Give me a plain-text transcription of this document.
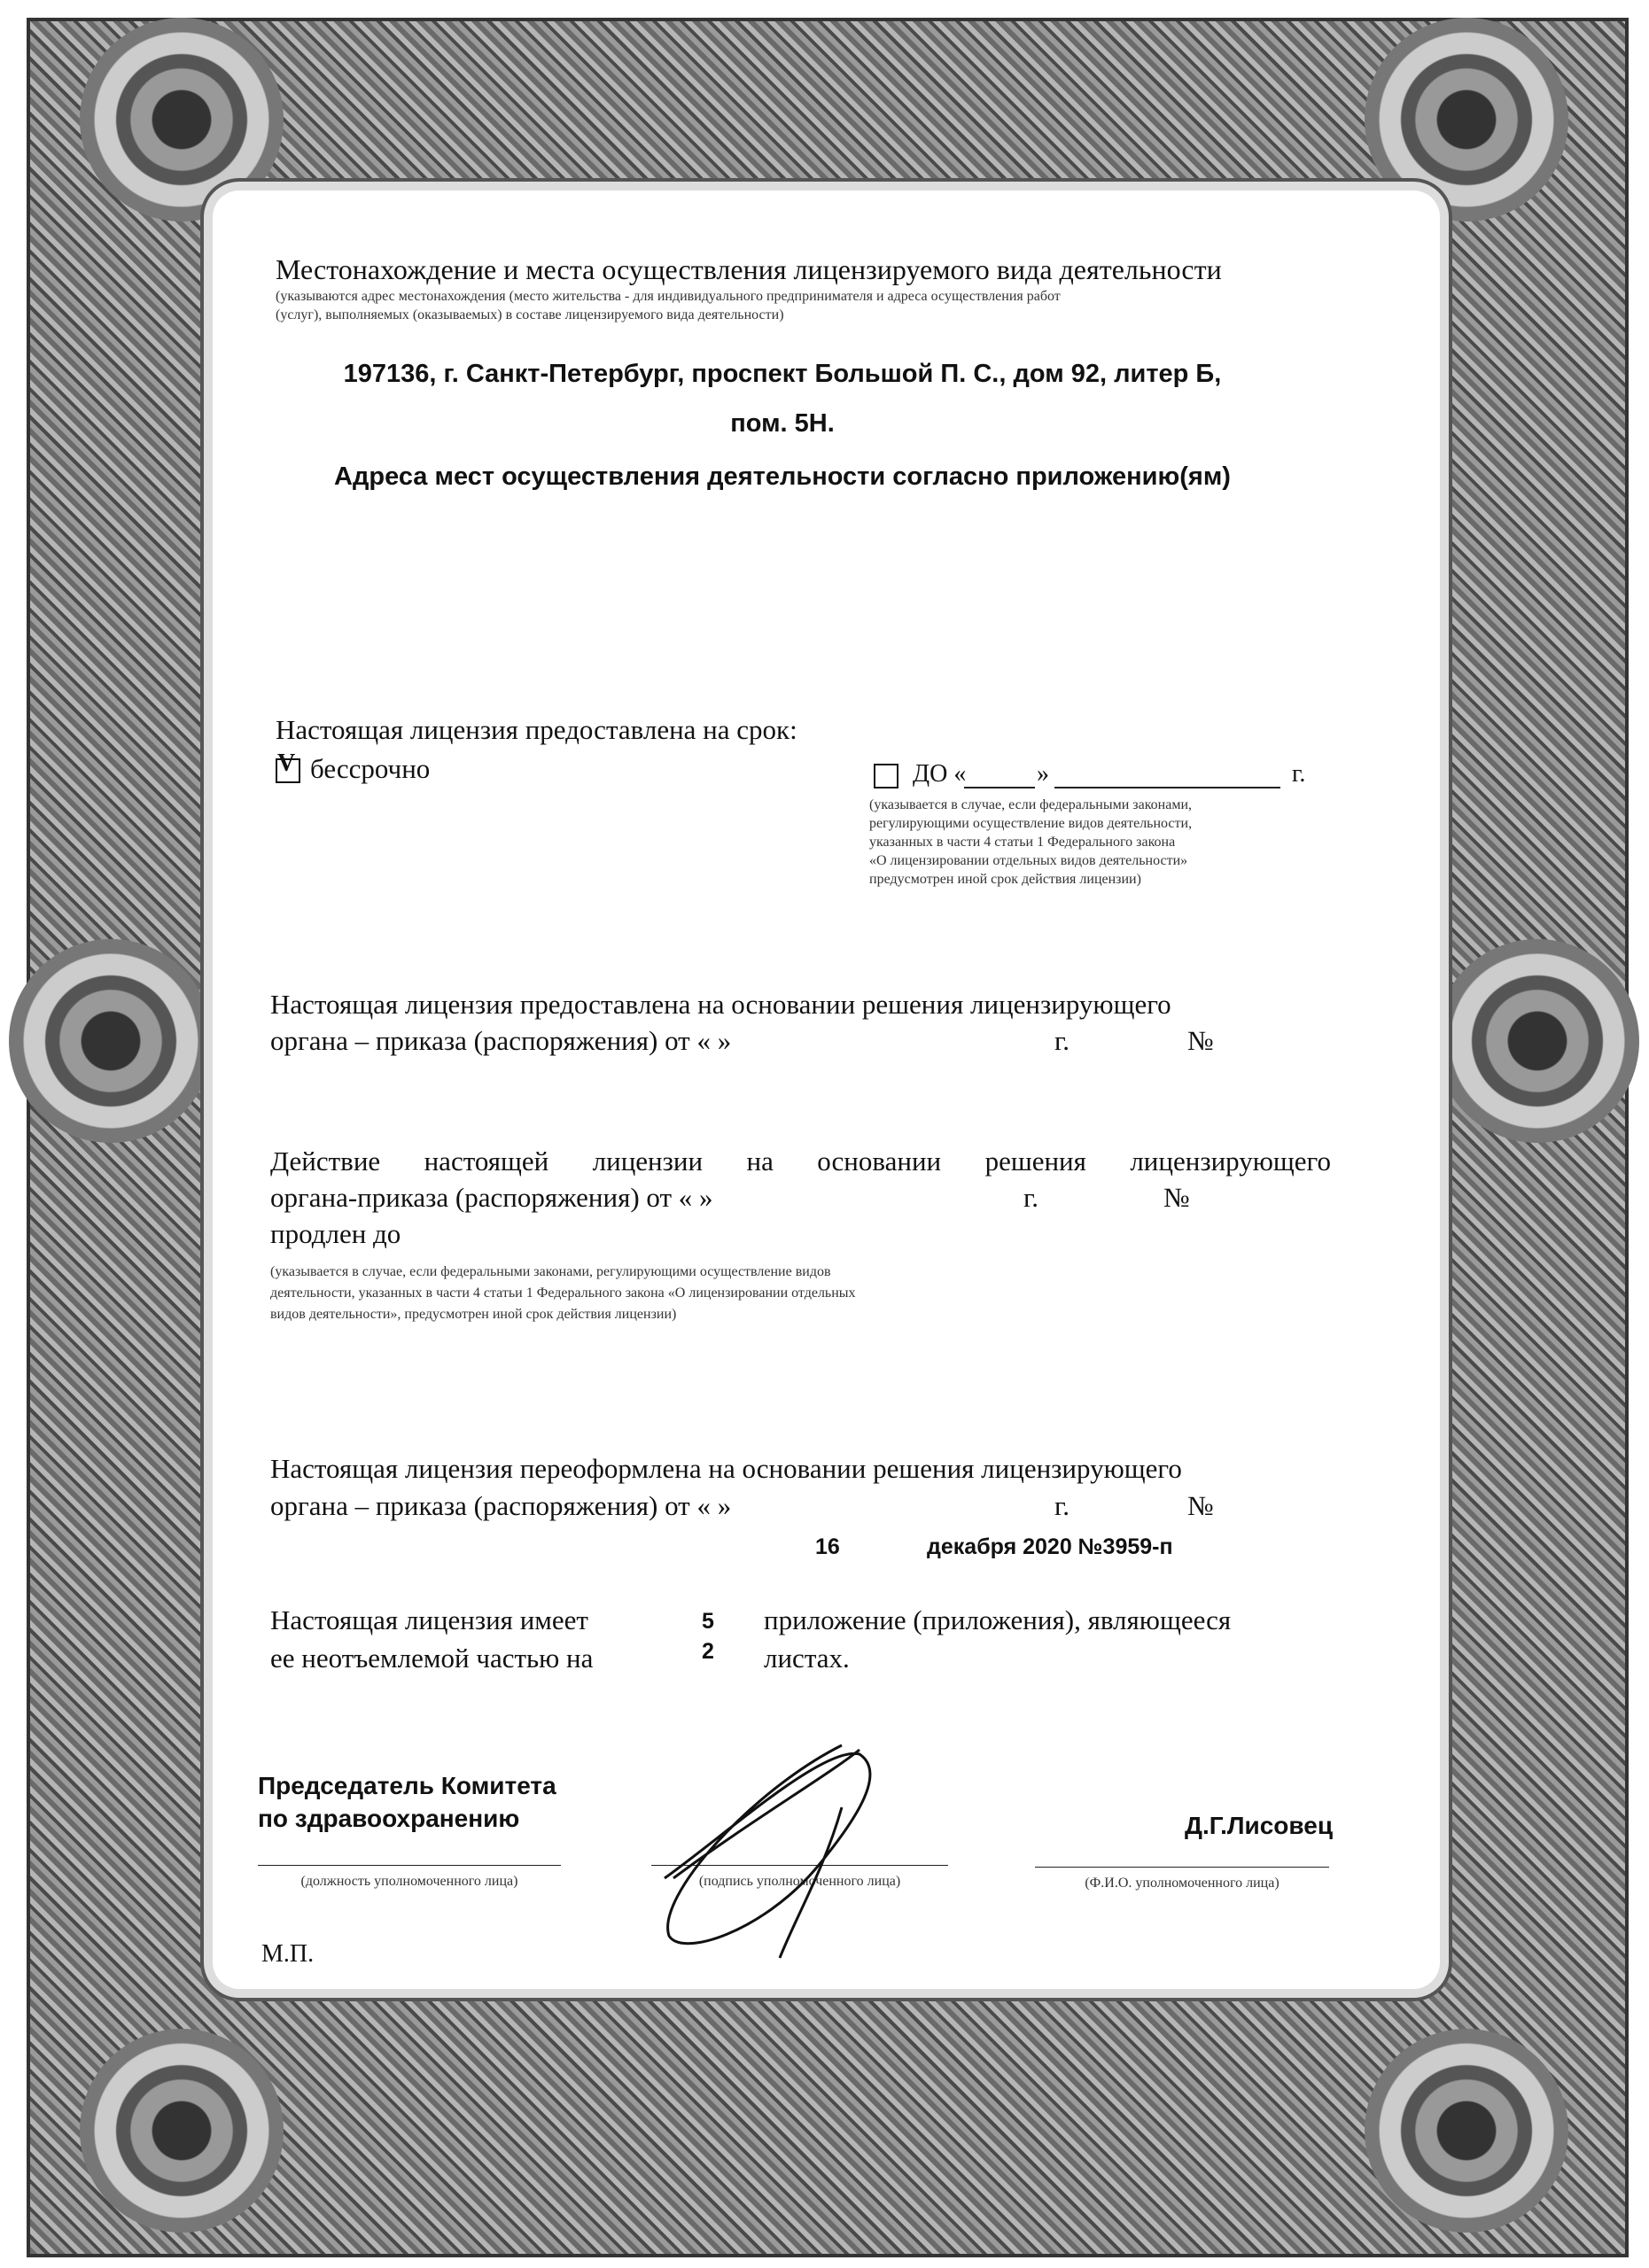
Местонахождение и места осуществления лицензируемого вида деятельности
(указываются адрес местонахождения (место жительства - для индивидуального предпринимателя и адреса осуществления работ
(услуг), выполняемых (оказываемых) в составе лицензируемого вида деятельности)
197136, г. Санкт-Петербург, проспект Большой П. С., дом 92, литер Б,
пом. 5Н.
Адреса мест осуществления деятельности согласно приложению(ям)
Настоящая лицензия предоставлена на срок:
V бессрочно	ДО «	»	г.
(указывается в случае, если федеральными законами,
регулирующими осуществление видов деятельности,
указанных в части 4 статьи 1 Федерального закона
«О лицензировании отдельных видов деятельности»
предусмотрен иной срок действия лицензии)
Настоящая лицензия предоставлена на основании решения лицензирующего
органа – приказа (распоряжения) от « »	г.	№
Действие настоящей лицензии на основании решения лицензирующего
органа-приказа (распоряжения) от « »	г.	№
продлен до
(указывается в случае, если федеральными законами, регулирующими осуществление видов
деятельности, указанных в части 4 статьи 1 Федерального закона «О лицензировании отдельных
видов деятельности», предусмотрен иной срок действия лицензии)
Настоящая лицензия переоформлена на основании решения лицензирующего
органа – приказа (распоряжения) от « »	г.	№
16	декабря 2020 №3959-п
Настоящая лицензия имеет
ее неотъемлемой частью на
5
2
приложение (приложения), являющееся
листах.
Председатель Комитета
по здравоохранению	Д.Г.Лисовец
(должность уполномоченного лица)	(подпись уполномоченного лица)	(Ф.И.О. уполномоченного лица)
М.П.
